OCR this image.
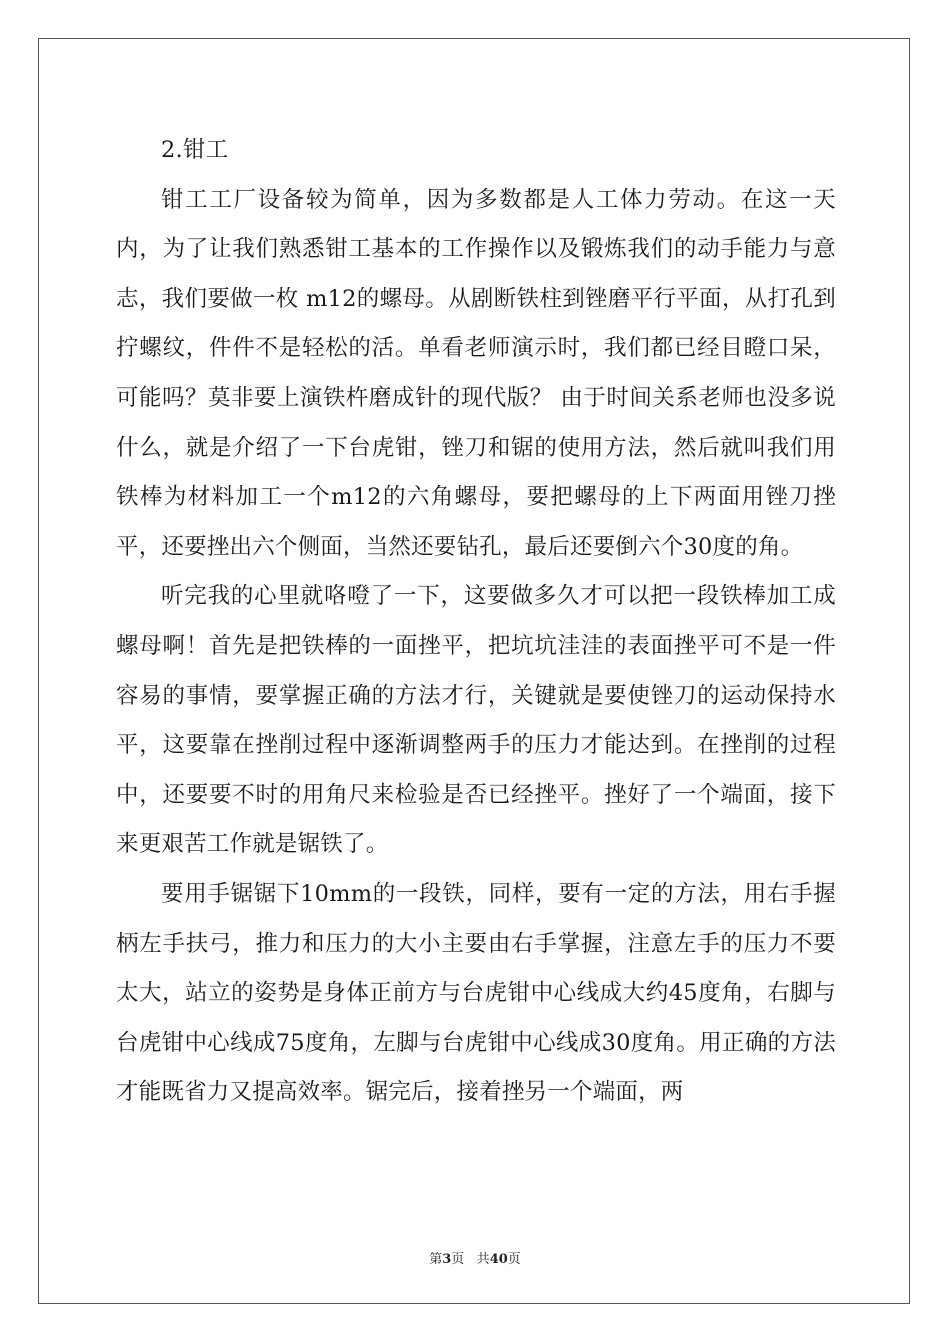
2.钳工

钳工工厂设备较为简单，因为多数都是人工体力劳动。在这一天内，为了让我们熟悉钳工基本的工作操作以及锻炼我们的动手能力与意志，我们要做一枚 m12的螺母。从剧断铁柱到锉磨平行平面，从打孔到拧螺纹，件件不是轻松的活。单看老师演示时，我们都已经目瞪口呆，可能吗？莫非要上演铁杵磨成针的现代版？ 由于时间关系老师也没多说什么，就是介绍了一下台虎钳，锉刀和锯的使用方法，然后就叫我们用铁棒为材料加工一个m12的六角螺母，要把螺母的上下两面用锉刀挫平，还要挫出六个侧面，当然还要钻孔，最后还要倒六个30度的角。

听完我的心里就咯噔了一下，这要做多久才可以把一段铁棒加工成螺母啊！首先是把铁棒的一面挫平，把坑坑洼洼的表面挫平可不是一件容易的事情，要掌握正确的方法才行，关键就是要使锉刀的运动保持水平，这要靠在挫削过程中逐渐调整两手的压力才能达到。在挫削的过程中，还要要不时的用角尺来检验是否已经挫平。挫好了一个端面，接下来更艰苦工作就是锯铁了。

要用手锯锯下10mm的一段铁，同样，要有一定的方法，用右手握柄左手扶弓，推力和压力的大小主要由右手掌握，注意左手的压力不要太大，站立的姿势是身体正前方与台虎钳中心线成大约45度角，右脚与台虎钳中心线成75度角，左脚与台虎钳中心线成30度角。用正确的方法才能既省力又提高效率。锯完后，接着挫另一个端面，两

第3页 共40页
